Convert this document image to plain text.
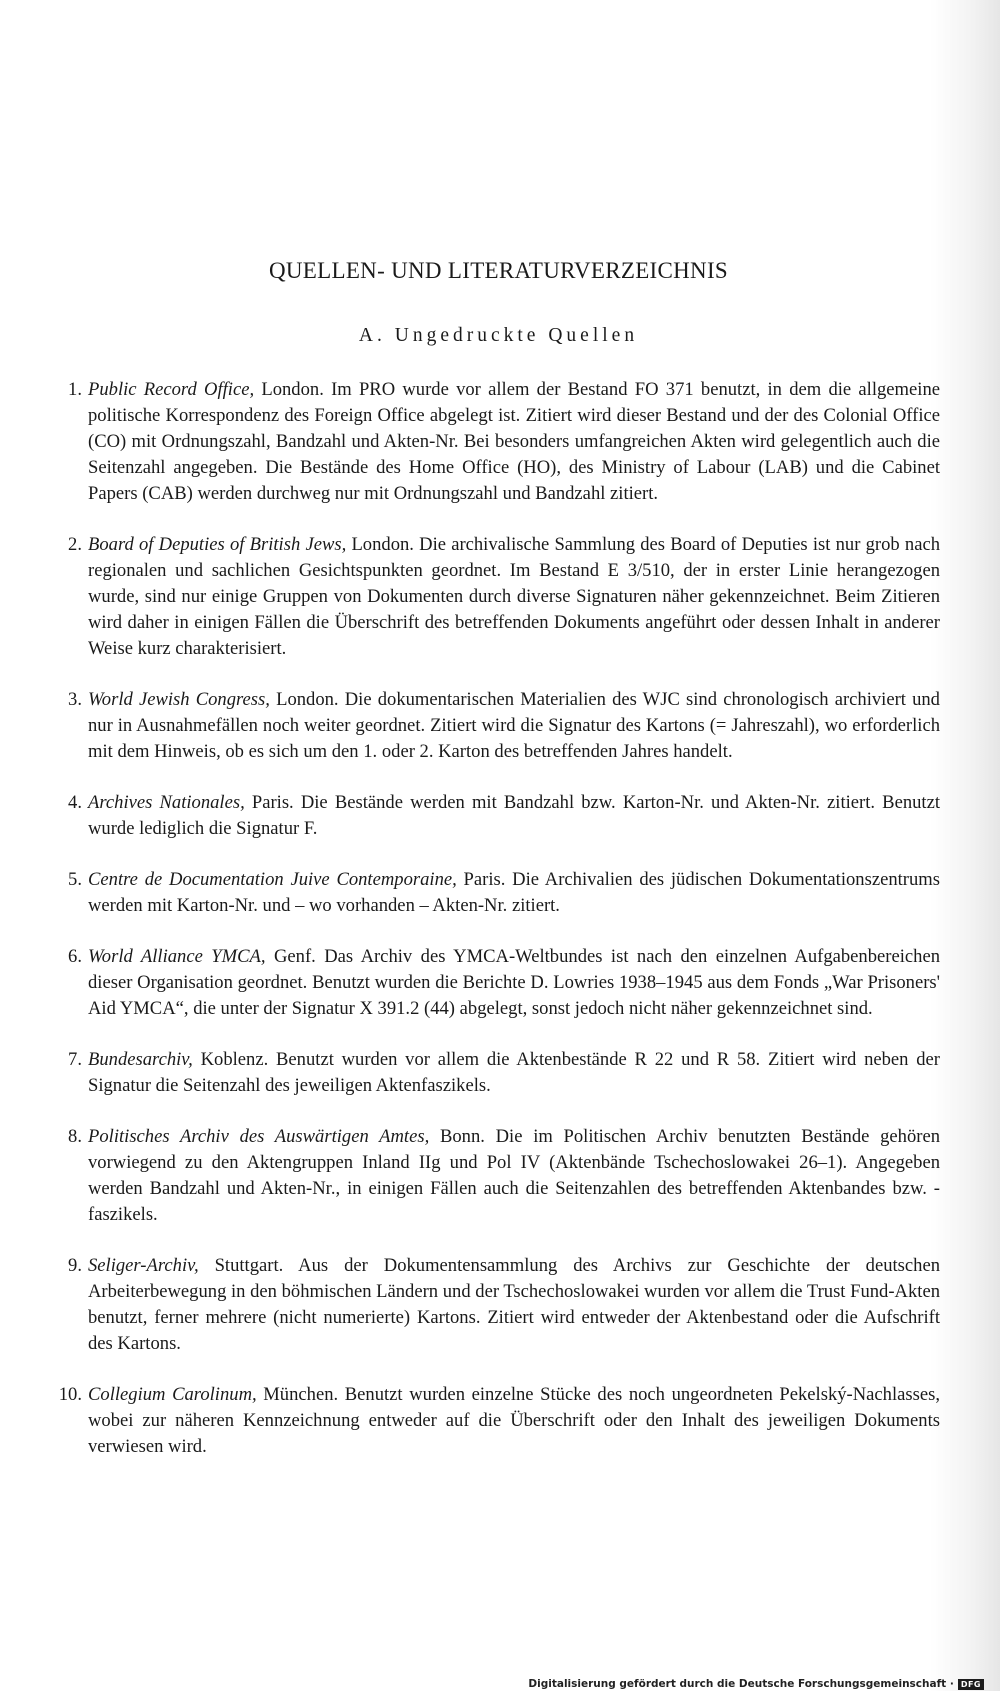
QUELLEN- UND LITERATURVERZEICHNIS
A. Ungedruckte Quellen
1. Public Record Office, London. Im PRO wurde vor allem der Bestand FO 371 benutzt, in dem die allgemeine politische Korrespondenz des Foreign Office abgelegt ist. Zitiert wird dieser Bestand und der des Colonial Office (CO) mit Ordnungszahl, Bandzahl und Akten-Nr. Bei besonders umfangreichen Akten wird gelegentlich auch die Seitenzahl angegeben. Die Bestände des Home Office (HO), des Ministry of Labour (LAB) und die Cabinet Papers (CAB) werden durchweg nur mit Ordnungszahl und Bandzahl zitiert.
2. Board of Deputies of British Jews, London. Die archivalische Sammlung des Board of Deputies ist nur grob nach regionalen und sachlichen Gesichtspunkten geordnet. Im Bestand E 3/510, der in erster Linie herangezogen wurde, sind nur einige Gruppen von Dokumenten durch diverse Signaturen näher gekennzeichnet. Beim Zitieren wird daher in einigen Fällen die Überschrift des betreffenden Dokuments angeführt oder dessen Inhalt in anderer Weise kurz charakterisiert.
3. World Jewish Congress, London. Die dokumentarischen Materialien des WJC sind chronologisch archiviert und nur in Ausnahmefällen noch weiter geordnet. Zitiert wird die Signatur des Kartons (= Jahreszahl), wo erforderlich mit dem Hinweis, ob es sich um den 1. oder 2. Karton des betreffenden Jahres handelt.
4. Archives Nationales, Paris. Die Bestände werden mit Bandzahl bzw. Karton-Nr. und Akten-Nr. zitiert. Benutzt wurde lediglich die Signatur F.
5. Centre de Documentation Juive Contemporaine, Paris. Die Archivalien des jüdischen Dokumentationszentrums werden mit Karton-Nr. und – wo vorhanden – Akten-Nr. zitiert.
6. World Alliance YMCA, Genf. Das Archiv des YMCA-Weltbundes ist nach den einzelnen Aufgabenbereichen dieser Organisation geordnet. Benutzt wurden die Berichte D. Lowries 1938–1945 aus dem Fonds „War Prisoners' Aid YMCA“, die unter der Signatur X 391.2 (44) abgelegt, sonst jedoch nicht näher gekennzeichnet sind.
7. Bundesarchiv, Koblenz. Benutzt wurden vor allem die Aktenbestände R 22 und R 58. Zitiert wird neben der Signatur die Seitenzahl des jeweiligen Aktenfaszikels.
8. Politisches Archiv des Auswärtigen Amtes, Bonn. Die im Politischen Archiv benutzten Bestände gehören vorwiegend zu den Aktengruppen Inland IIg und Pol IV (Aktenbände Tschechoslowakei 26–1). Angegeben werden Bandzahl und Akten-Nr., in einigen Fällen auch die Seitenzahlen des betreffenden Aktenbandes bzw. -faszikels.
9. Seliger-Archiv, Stuttgart. Aus der Dokumentensammlung des Archivs zur Geschichte der deutschen Arbeiterbewegung in den böhmischen Ländern und der Tschechoslowakei wurden vor allem die Trust Fund-Akten benutzt, ferner mehrere (nicht numerierte) Kartons. Zitiert wird entweder der Aktenbestand oder die Aufschrift des Kartons.
10. Collegium Carolinum, München. Benutzt wurden einzelne Stücke des noch ungeordneten Pekelský-Nachlasses, wobei zur näheren Kennzeichnung entweder auf die Überschrift oder den Inhalt des jeweiligen Dokuments verwiesen wird.
Digitalisierung gefördert durch die Deutsche Forschungsgemeinschaft · DFG
